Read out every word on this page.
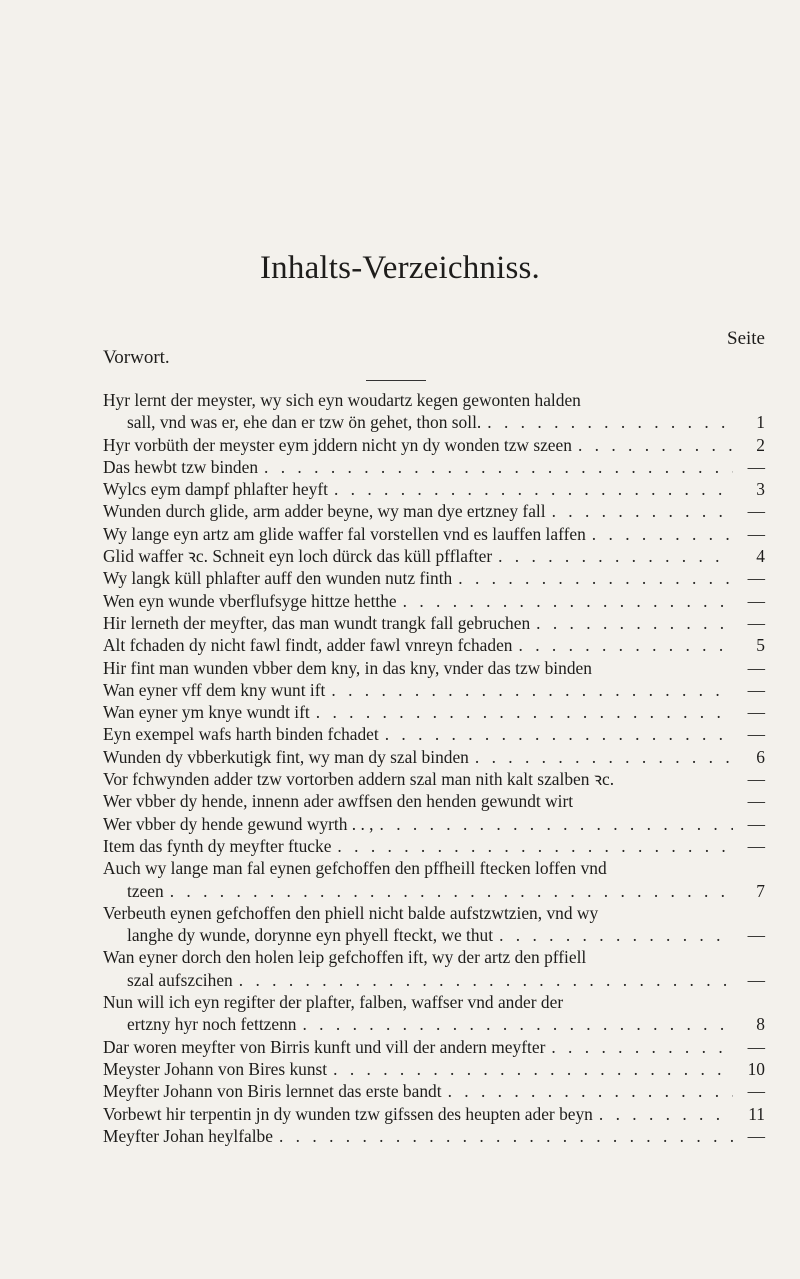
Inhalts-Verzeichniss.
Seite
Vorwort.
Hyr lernt der meyster, wy sich eyn woudartz kegen gewonten halden
sall, vnd was er, ehe dan er tzw ön gehet, thon soll. . . .	1
Hyr vorbüth der meyster eym jddern nicht yn dy wonden tzw szeen . . .	2
Das hewbt tzw binden . . .	—
Wylcs eym dampf phlafter heyft . . .	3
Wunden durch glide, arm adder beyne, wy man dye ertzney fall . . .	—
Wy lange eyn artz am glide waffer fal vorstellen vnd es lauffen laffen . . .	—
Glid waffer ꝛc. Schneit eyn loch dürck das küll pfflafter . . .	4
Wy langk küll phlafter auff den wunden nutz finth . . .	—
Wen eyn wunde vberflufsyge hittze hetthe . . .	—
Hir lerneth der meyfter, das man wundt trangk fall gebruchen . . .	—
Alt fchaden dy nicht fawl findt, adder fawl vnreyn fchaden . . .	5
Hir fint man wunden vbber dem kny, in das kny, vnder das tzw binden	—
Wan eyner vff dem kny wunt ift . . .	—
Wan eyner ym knye wundt ift . . .	—
Eyn exempel wafs harth binden fchadet . . .	—
Wunden dy vbberkutigk fint, wy man dy szal binden . . .	6
Vor fchwynden adder tzw vortorben addern szal man nith kalt szalben ꝛc.	—
Wer vbber dy hende, innenn ader awffsen den henden gewundt wirt	—
Wer vbber dy hende gewund wyrth . . , . . .	—
Item das fynth dy meyfter ftucke . . .	—
Auch wy lange man fal eynen gefchoffen den pffheill ftecken loffen vnd
tzeen . . .	7
Verbeuth eynen gefchoffen den phiell nicht balde aufstzwtzien, vnd wy
langhe dy wunde, dorynne eyn phyell fteckt, we thut . . .	—
Wan eyner dorch den holen leip gefchoffen ift, wy der artz den pffiell
szal aufszcihen . . .	—
Nun will ich eyn regifter der plafter, falben, waffser vnd ander der
ertzny hyr noch fettzenn . . .	8
Dar woren meyfter von Birris kunft und vill der andern meyfter . . .	—
Meyster Johann von Bires kunst . . .	10
Meyfter Johann von Biris lernnet das erste bandt . . .	—
Vorbewt hir terpentin jn dy wunden tzw gifssen des heupten ader beyn . . .	11
Meyfter Johan heylfalbe . . .	—
